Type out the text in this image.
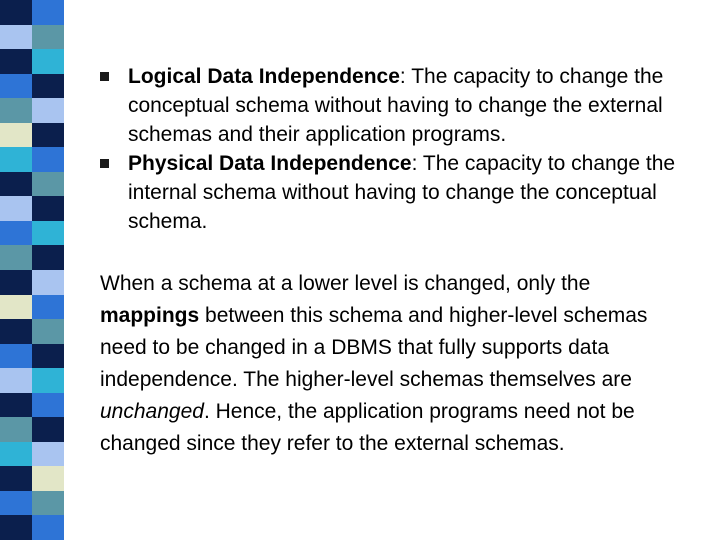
Logical Data Independence: The capacity to change the conceptual schema without having to change the external schemas and their application programs.
Physical Data Independence: The capacity to change the internal schema without having to change the conceptual schema.

When a schema at a lower level is changed, only the mappings between this schema and higher-level schemas need to be changed in a DBMS that fully supports data independence. The higher-level schemas themselves are unchanged. Hence, the application programs need not be changed since they refer to the external schemas.
